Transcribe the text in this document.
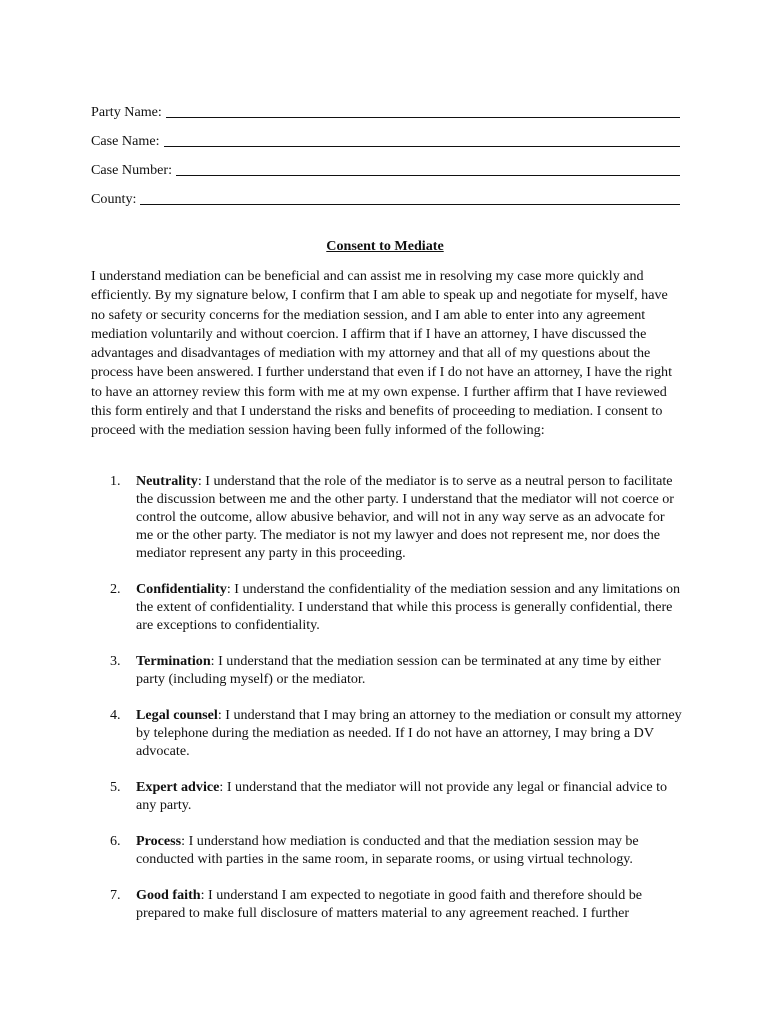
Party Name:
Case Name:
Case Number:
County:
Consent to Mediate
I understand mediation can be beneficial and can assist me in resolving my case more quickly and efficiently. By my signature below, I confirm that I am able to speak up and negotiate for myself, have no safety or security concerns for the mediation session, and I am able to enter into any agreement mediation voluntarily and without coercion. I affirm that if I have an attorney, I have discussed the advantages and disadvantages of mediation with my attorney and that all of my questions about the process have been answered. I further understand that even if I do not have an attorney, I have the right to have an attorney review this form with me at my own expense. I further affirm that I have reviewed this form entirely and that I understand the risks and benefits of proceeding to mediation. I consent to proceed with the mediation session having been fully informed of the following:
1. Neutrality: I understand that the role of the mediator is to serve as a neutral person to facilitate the discussion between me and the other party. I understand that the mediator will not coerce or control the outcome, allow abusive behavior, and will not in any way serve as an advocate for me or the other party. The mediator is not my lawyer and does not represent me, nor does the mediator represent any party in this proceeding.
2. Confidentiality: I understand the confidentiality of the mediation session and any limitations on the extent of confidentiality. I understand that while this process is generally confidential, there are exceptions to confidentiality.
3. Termination: I understand that the mediation session can be terminated at any time by either party (including myself) or the mediator.
4. Legal counsel: I understand that I may bring an attorney to the mediation or consult my attorney by telephone during the mediation as needed. If I do not have an attorney, I may bring a DV advocate.
5. Expert advice: I understand that the mediator will not provide any legal or financial advice to any party.
6. Process: I understand how mediation is conducted and that the mediation session may be conducted with parties in the same room, in separate rooms, or using virtual technology.
7. Good faith: I understand I am expected to negotiate in good faith and therefore should be prepared to make full disclosure of matters material to any agreement reached. I further
